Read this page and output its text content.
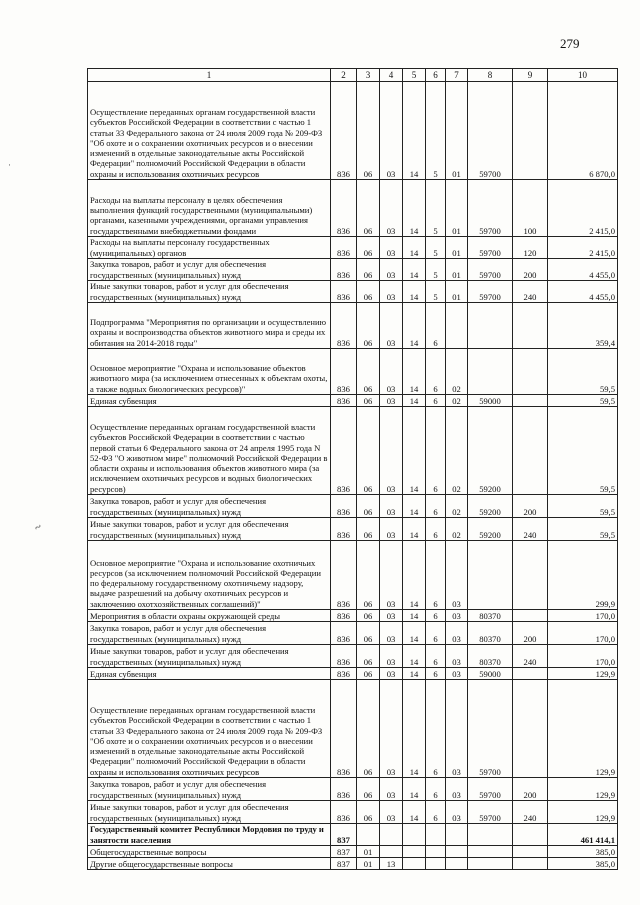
279
·
~
1	2	3	4	5	6	7	8	9	10
Осуществление переданных органам государственной власти субъектов Российской Федерации в соответствии с частью 1 статьи 33 Федерального закона от 24 июля 2009 года № 209-ФЗ "Об охоте и о сохранении охотничьих ресурсов и о внесении изменений в отдельные законодательные акты Российской Федерации" полномочий Российской Федерации в области охраны и использования охотничьих ресурсов	836	06	03	14	5	01	59700		6 870,0
Расходы на выплаты персоналу в целях обеспечения выполнения функций государственными (муниципальными) органами, казенными учреждениями, органами управления государственными внебюджетными фондами	836	06	03	14	5	01	59700	100	2 415,0
Расходы на выплаты персоналу государственных (муниципальных) органов	836	06	03	14	5	01	59700	120	2 415,0
Закупка товаров, работ и услуг для обеспечения государственных (муниципальных) нужд	836	06	03	14	5	01	59700	200	4 455,0
Иные закупки товаров, работ и услуг для обеспечения государственных (муниципальных) нужд	836	06	03	14	5	01	59700	240	4 455,0
Подпрограмма "Мероприятия по организации и осуществлению охраны и воспроизводства объектов животного мира и среды их обитания на 2014-2018 годы"	836	06	03	14	6				359,4
Основное мероприятие "Охрана и использование объектов животного мира (за исключением отнесенных к объектам охоты, а также водных биологических ресурсов)"	836	06	03	14	6	02			59,5
Единая субвенция	836	06	03	14	6	02	59000		59,5
Осуществление переданных органам государственной власти субъектов Российской Федерации в соответствии с частью первой статьи 6 Федерального закона от 24 апреля 1995 года N 52-ФЗ "О животном мире" полномочий Российской Федерации в области охраны и использования объектов животного мира (за исключением охотничьих ресурсов и водных биологических ресурсов)	836	06	03	14	6	02	59200		59,5
Закупка товаров, работ и услуг для обеспечения государственных (муниципальных) нужд	836	06	03	14	6	02	59200	200	59,5
Иные закупки товаров, работ и услуг для обеспечения государственных (муниципальных) нужд	836	06	03	14	6	02	59200	240	59,5
Основное мероприятие "Охрана и использование охотничьих ресурсов (за исключением полномочий Российской Федерации по федеральному государственному охотничьему надзору, выдаче разрешений на добычу охотничьих ресурсов и заключению охотхозяйственных соглашений)"	836	06	03	14	6	03			299,9
Мероприятия в области охраны окружающей среды	836	06	03	14	6	03	80370		170,0
Закупка товаров, работ и услуг для обеспечения государственных (муниципальных) нужд	836	06	03	14	6	03	80370	200	170,0
Иные закупки товаров, работ и услуг для обеспечения государственных (муниципальных) нужд	836	06	03	14	6	03	80370	240	170,0
Единая субвенция	836	06	03	14	6	03	59000		129,9
Осуществление переданных органам государственной власти субъектов Российской Федерации в соответствии с частью 1 статьи 33 Федерального закона от 24 июля 2009 года № 209-ФЗ "Об охоте и о сохранении охотничьих ресурсов и о внесении изменений в отдельные законодательные акты Российской Федерации" полномочий Российской Федерации в области охраны и использования охотничьих ресурсов	836	06	03	14	6	03	59700		129,9
Закупка товаров, работ и услуг для обеспечения государственных (муниципальных) нужд	836	06	03	14	6	03	59700	200	129,9
Иные закупки товаров, работ и услуг для обеспечения государственных (муниципальных) нужд	836	06	03	14	6	03	59700	240	129,9
Государственный комитет Республики Мордовия по труду и занятости населения	837								461 414,1
Общегосударственные вопросы	837	01							385,0
Другие общегосударственные вопросы	837	01	13						385,0
